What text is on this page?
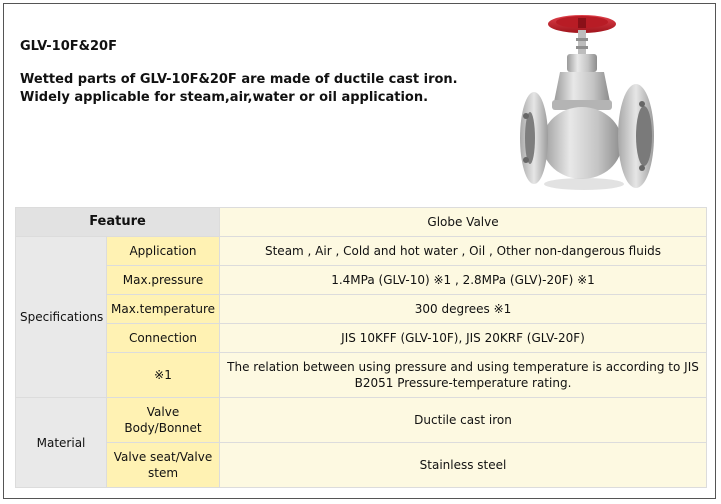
GLV-10F&20F
Wetted parts of GLV-10F&20F are made of ductile cast iron.
Widely applicable for steam,air,water or oil application.
Feature		Globe Valve
Specifications	Application	Steam , Air , Cold and hot water , Oil , Other non-dangerous fluids
	Max.pressure	1.4MPa (GLV-10) ※1 , 2.8MPa (GLV)-20F) ※1
	Max.temperature	300 degrees ※1
	Connection	JIS 10KFF (GLV-10F), JIS 20KRF (GLV-20F)
	※1	The relation between using pressure and using temperature is according to JIS B2051 Pressure-temperature rating.
Material	Valve Body/Bonnet	Ductile cast iron
	Valve seat/Valve stem	Stainless steel
